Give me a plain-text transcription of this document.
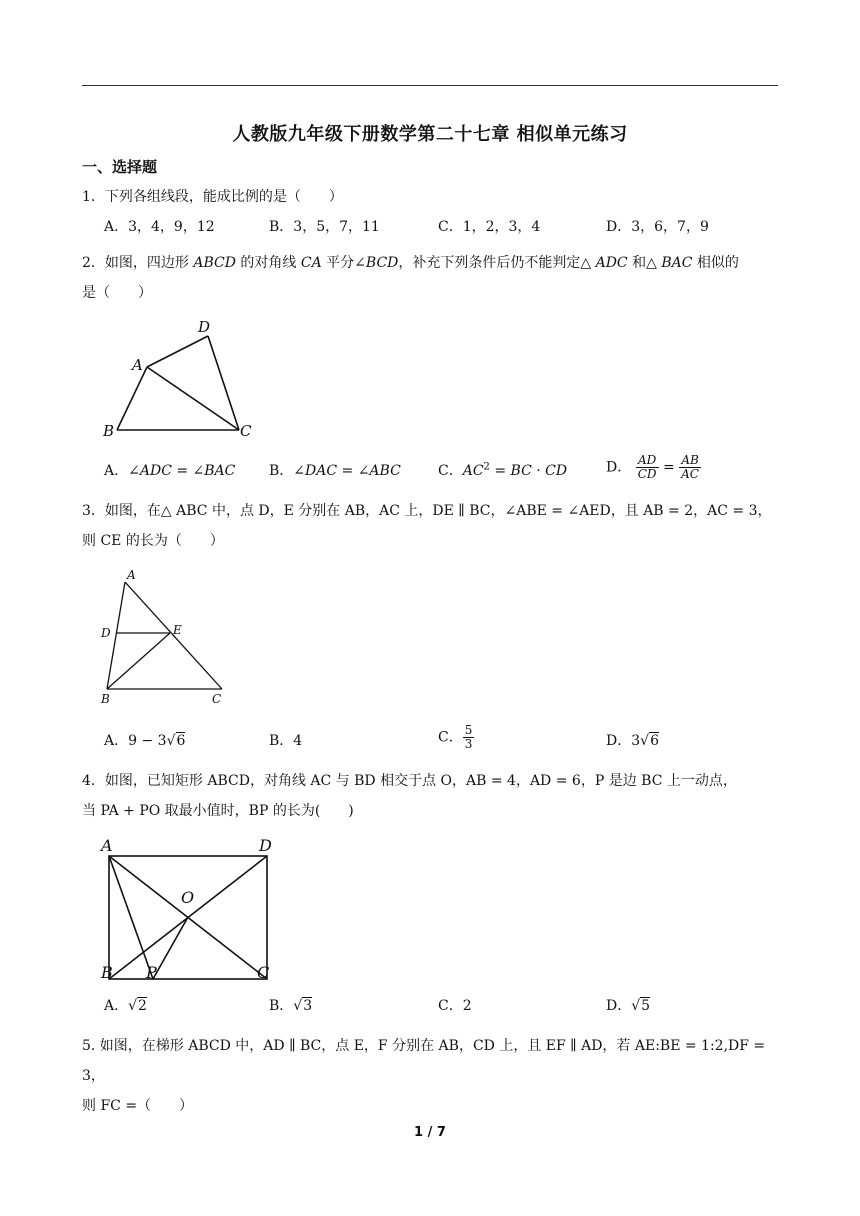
人教版九年级下册数学第二十七章 相似单元练习
一、选择题
1．下列各组线段，能成比例的是（　　）
A．3，4，9，12	B．3，5，7，11	C．1，2，3，4	D．3，6，7，9
2．如图，四边形 ABCD 的对角线 CA 平分∠BCD，补充下列条件后仍不能判定△ ADC 和△ BAC 相似的
是（　　）
A
B	C
D
A．∠ADC = ∠BAC B．∠DAC = ∠ABC	C．$AC^2$ = BC · CD	D． $\frac{AD}{CD} = \frac{AB}{AC}$
3．如图，在△ ABC 中，点 D，E 分别在 AB，AC 上，DE ∥ BC，∠ABE = ∠AED，且 AB = 2，AC = 3，
则 CE 的长为（　　）
A
D	E
B	C
A．9 − 3√6	B．4	C． $\frac{5}{3}$	D．3√6
4．如图，已知矩形 ABCD，对角线 AC 与 BD 相交于点 O，AB = 4，AD = 6，P 是边 BC 上一动点，
当 PA + PO 取最小值时，BP 的长为(　　)
A	D
O
B P	C
A．√2	B．√3	C．2	D．√5
5. 如图，在梯形 ABCD 中，AD ∥ BC，点 E，F 分别在 AB，CD 上，且 EF ∥ AD，若 AE:BE = 1:2,DF = 3，
则 FC =（　　）
1 / 7
